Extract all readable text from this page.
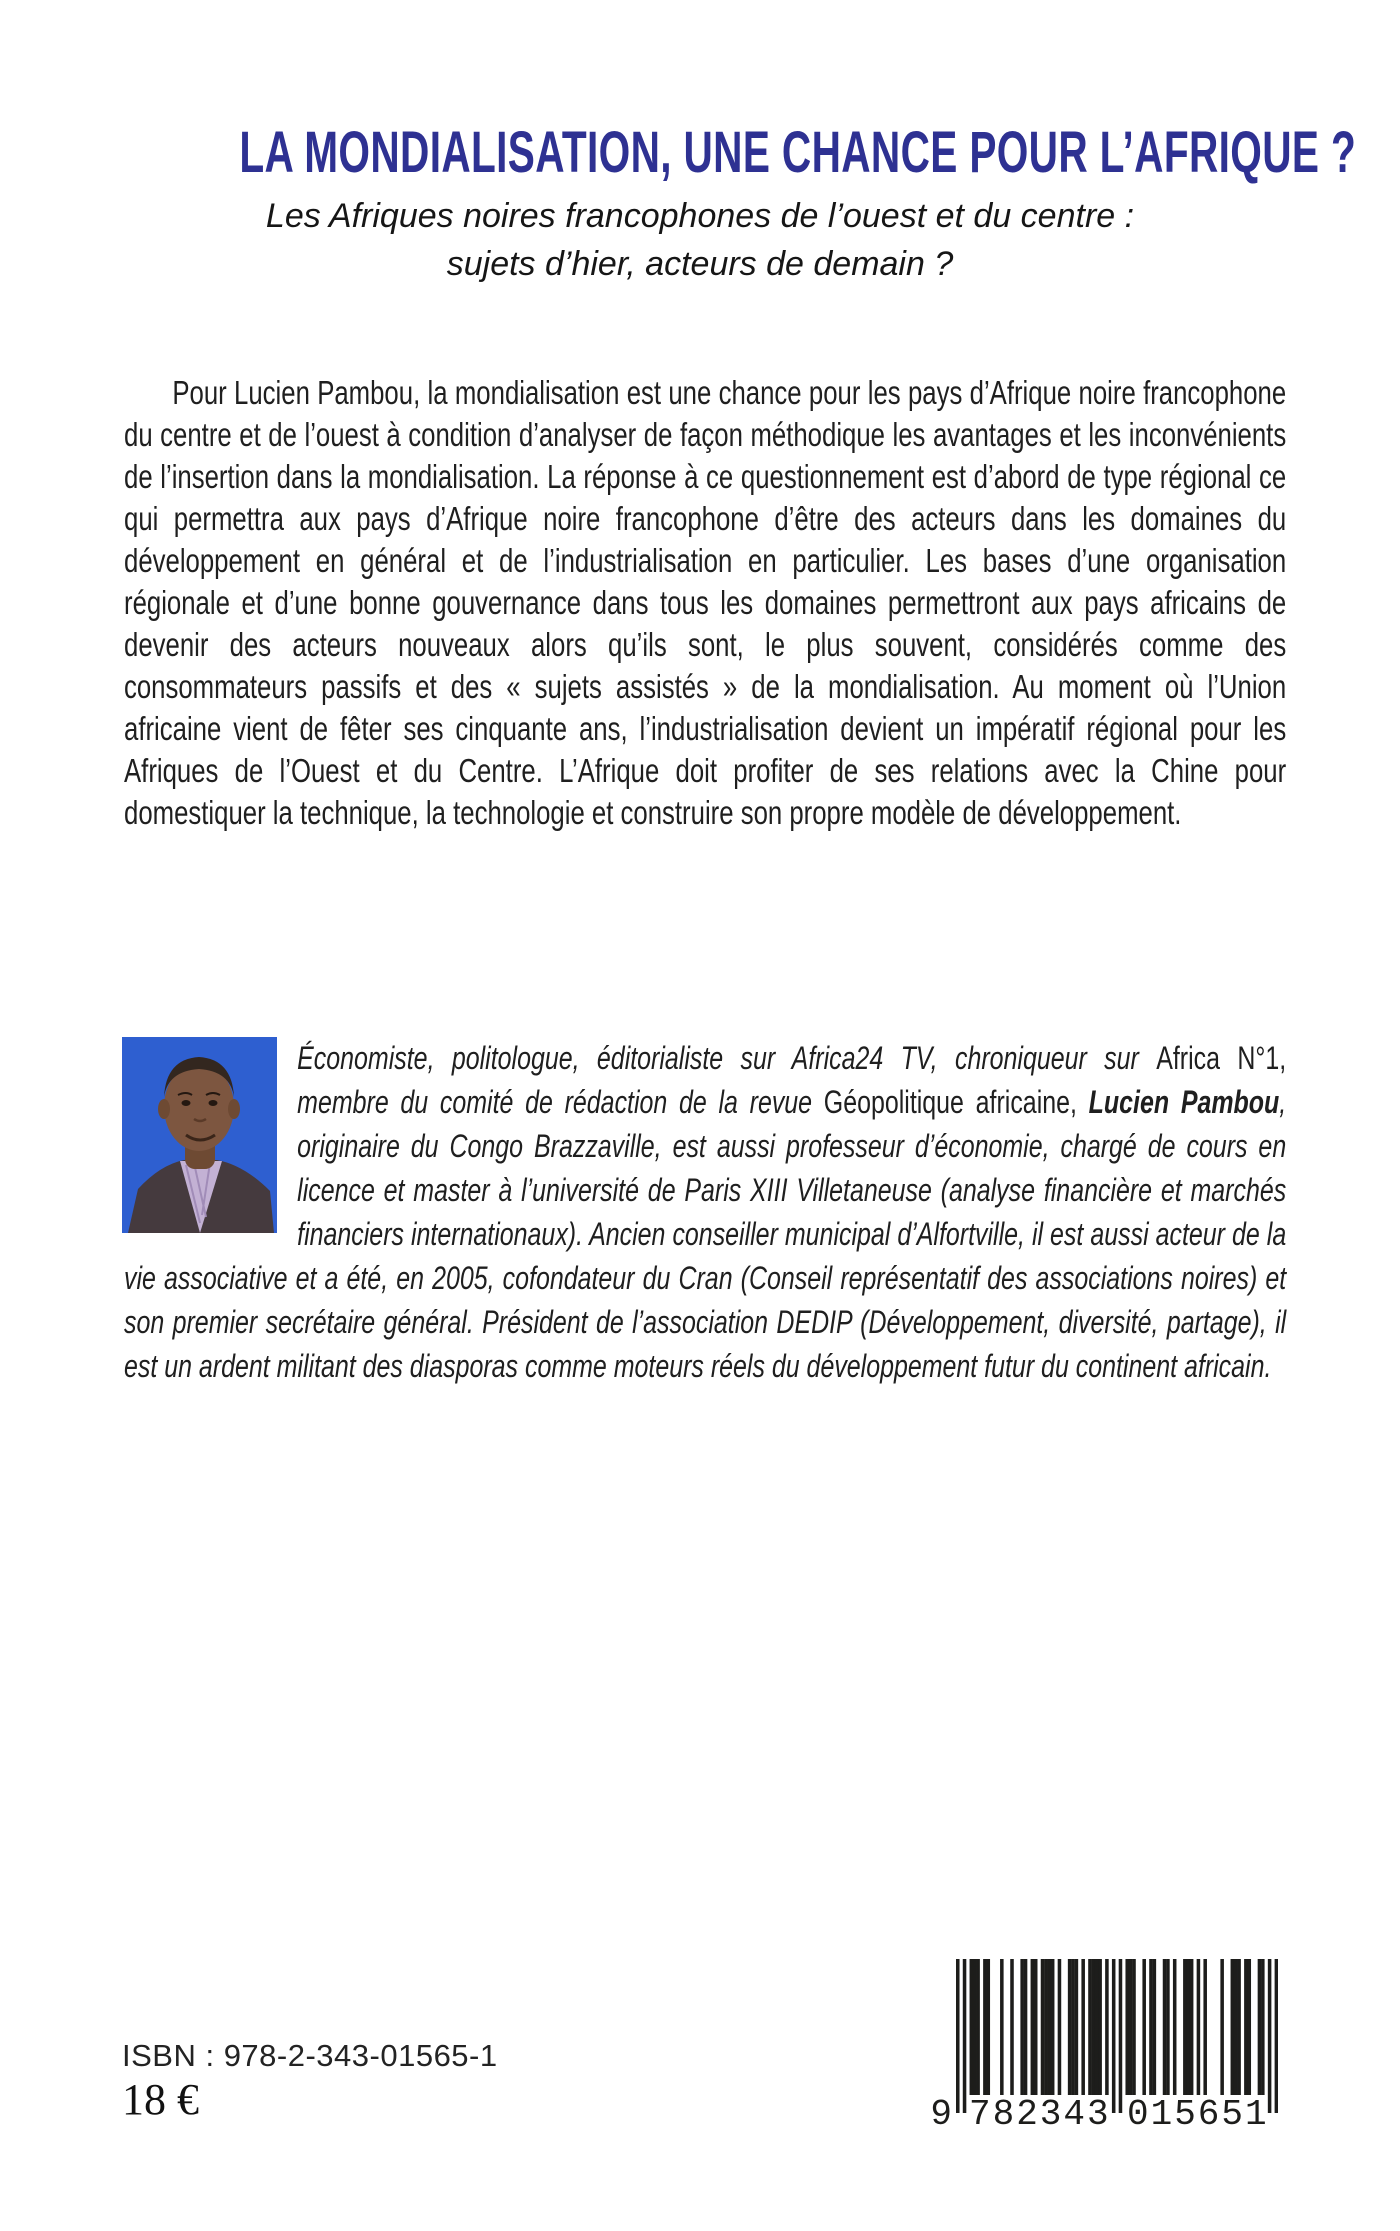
LA MONDIALISATION, UNE CHANCE POUR L’AFRIQUE ?
Les Afriques noires francophones de l’ouest et du centre :
sujets d’hier, acteurs de demain ?

Pour Lucien Pambou, la mondialisation est une chance pour les pays d’Afrique noire francophone du centre et de l’ouest à condition d’analyser de façon méthodique les avantages et les inconvénients de l’insertion dans la mondialisation. La réponse à ce questionnement est d’abord de type régional ce qui permettra aux pays d’Afrique noire francophone d’être des acteurs dans les domaines du développement en général et de l’industrialisation en particulier. Les bases d’une organisation régionale et d’une bonne gouvernance dans tous les domaines permettront aux pays africains de devenir des acteurs nouveaux alors qu’ils sont, le plus souvent, considérés comme des consommateurs passifs et des « sujets assistés » de la mondialisation. Au moment où l’Union africaine vient de fêter ses cinquante ans, l’industrialisation devient un impératif régional pour les Afriques de l’Ouest et du Centre. L’Afrique doit profiter de ses relations avec la Chine pour domestiquer la technique, la technologie et construire son propre modèle de développement.

Économiste, politologue, éditorialiste sur Africa24 TV, chroniqueur sur Africa N°1, membre du comité de rédaction de la revue Géopolitique africaine, Lucien Pambou, originaire du Congo Brazzaville, est aussi professeur d’économie, chargé de cours en licence et master à l’université de Paris XIII Villetaneuse (analyse financière et marchés financiers internationaux). Ancien conseiller municipal d’Alfortville, il est aussi acteur de la vie associative et a été, en 2005, cofondateur du Cran (Conseil représentatif des associations noires) et son premier secrétaire général. Président de l’association DEDIP (Développement, diversité, partage), il est un ardent militant des diasporas comme moteurs réels du développement futur du continent africain.

ISBN : 978-2-343-01565-1
18 €	9 782343 015651
